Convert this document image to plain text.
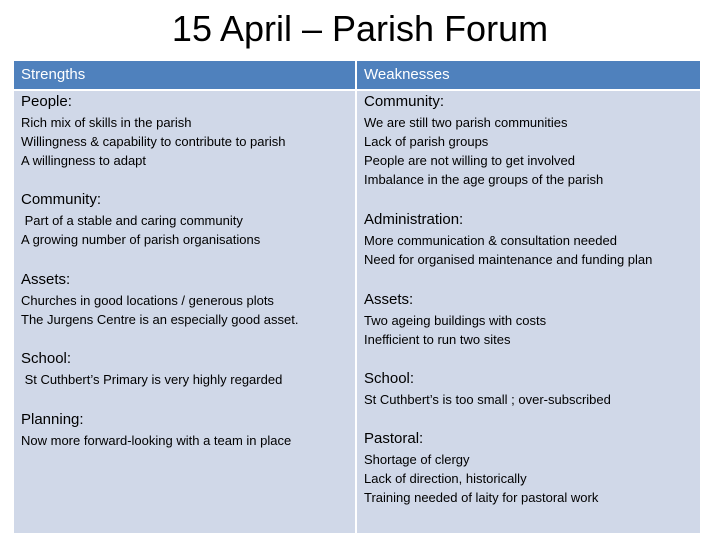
15 April – Parish Forum
Strengths	Weaknesses
People:
Rich mix of skills in the parish
Willingness & capability to contribute to parish
A willingness to adapt
Community:
Part of a stable and caring community
A growing number of parish organisations
Assets:
Churches in good locations / generous plots
The Jurgens Centre is an especially good asset.
School:
St Cuthbert’s Primary is very highly regarded
Planning:
Now more forward-looking with a team in place
Community:
We are still two parish communities
Lack of parish groups
People are not willing to get involved
Imbalance in the age groups of the parish
Administration:
More communication & consultation needed
Need for organised maintenance and funding plan
Assets:
Two ageing buildings with costs
Inefficient to run two sites
School:
St Cuthbert’s is too small ; over-subscribed
Pastoral:
Shortage of clergy
Lack of direction, historically
Training needed of laity for pastoral work
